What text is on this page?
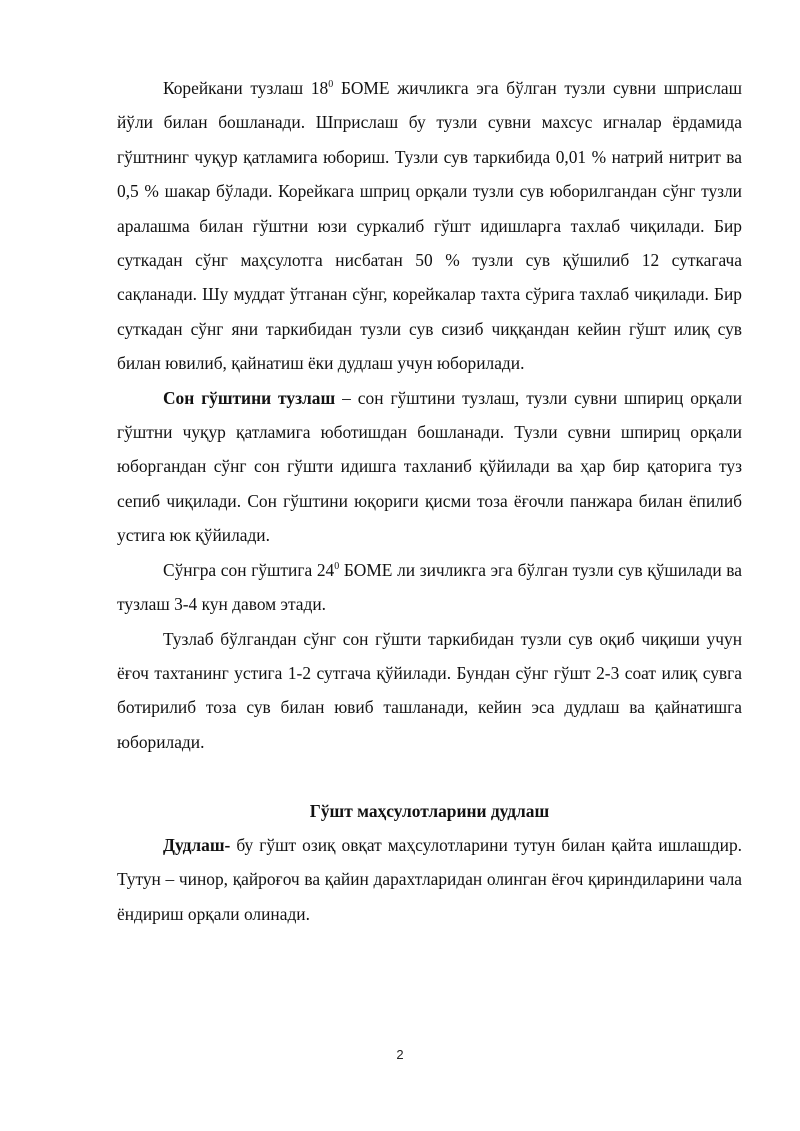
Корейкани тузлаш $18^0$ БОМЕ жичликга эга бўлган тузли сувни шприслаш йўли билан бошланади. Шприслаш бу тузли сувни махсус игналар ёрдамида гўштнинг чуқур қатламига юбориш. Тузли сув таркибида 0,01 % натрий нитрит ва 0,5 % шакар бўлади. Корейкага шприц орқали тузли сув юборилгандан сўнг тузли аралашма билан гўштни юзи суркалиб гўшт идишларга тахлаб чиқилади. Бир суткадан сўнг маҳсулотга нисбатан 50 % тузли сув қўшилиб 12 суткагача сақланади. Шу муддат ўтганан сўнг, корейкалар тахта сўрига тахлаб чиқилади. Бир суткадан сўнг яни таркибидан тузли сув сизиб чиққандан кейин гўшт илиқ сув билан ювилиб, қайнатиш ёки дудлаш учун юборилади.

Сон гўштини тузлаш – сон гўштини тузлаш, тузли сувни шпириц орқали гўштни чуқур қатламига юботишдан бошланади. Тузли сувни шпириц орқали юборгандан сўнг сон гўшти идишга тахланиб қўйилади ва ҳар бир қаторига туз сепиб чиқилади. Сон гўштини юқориги қисми тоза ёғочли панжара билан ёпилиб устига юк қўйилади.

Сўнгра сон гўштига $24^0$ БОМЕ ли зичликга эга бўлган тузли сув қўшилади ва тузлаш 3-4 кун давом этади.

Тузлаб бўлгандан сўнг сон гўшти таркибидан тузли сув оқиб чиқиши учун ёғоч тахтанинг устига 1-2 сутгача қўйилади. Бундан сўнг гўшт 2-3 соат илиқ сувга ботирилиб тоза сув билан ювиб ташланади, кейин эса дудлаш ва қайнатишга юборилади.

Гўшт маҳсулотларини дудлаш

Дудлаш- бу гўшт озиқ овқат маҳсулотларини тутун билан қайта ишлашдир. Тутун – чинор, қайроғоч ва қайин дарахтларидан олинган ёғоч қириндиларини чала ёндириш орқали олинади.

2
